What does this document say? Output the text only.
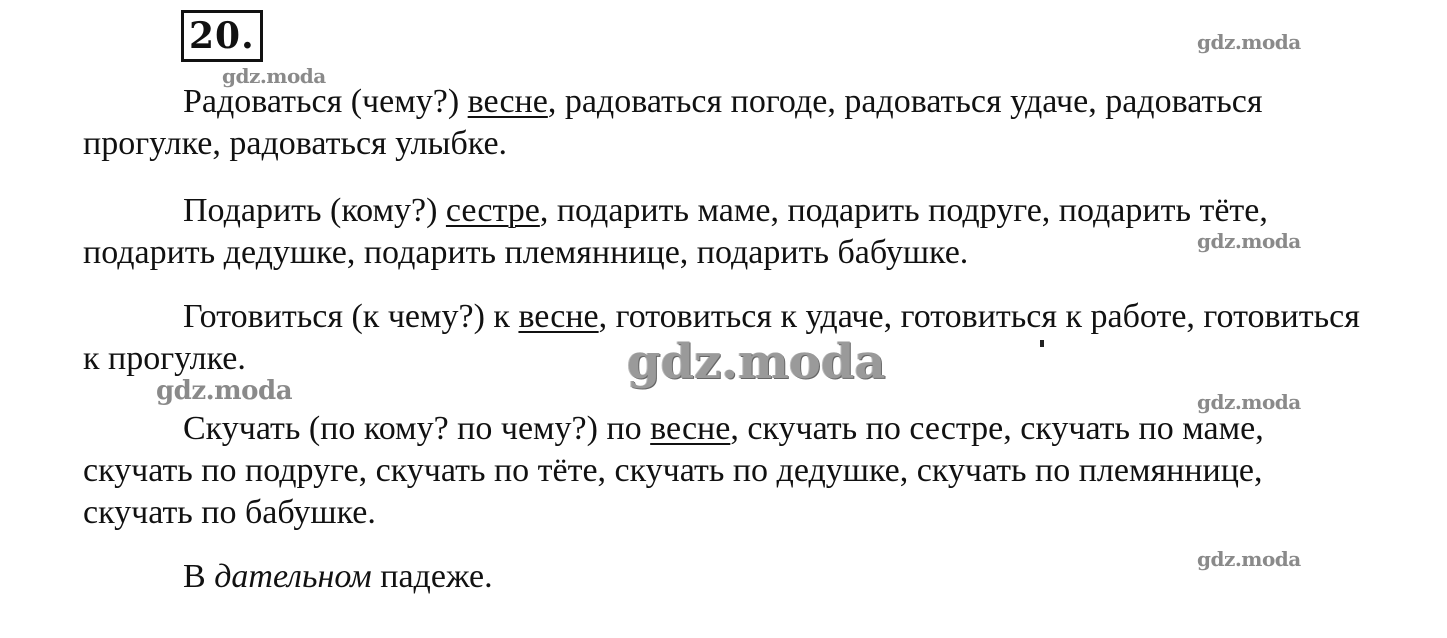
20.

Радоваться (чему?) весне, радоваться погоде, радоваться удаче, радоваться прогулке, радоваться улыбке.

Подарить (кому?) сестре, подарить маме, подарить подруге, подарить тёте, подарить дедушке, подарить племяннице, подарить бабушке.

Готовиться (к чему?) к весне, готовиться к удаче, готовиться к работе, готовиться к прогулке.

Скучать (по кому? по чему?) по весне, скучать по сестре, скучать по маме, скучать по подруге, скучать по тёте, скучать по дедушке, скучать по племяннице, скучать по бабушке.

В дательном падеже.

gdz.moda
gdz.moda
gdz.moda
gdz.moda
gdz.moda	gdz.moda
gdz.moda
